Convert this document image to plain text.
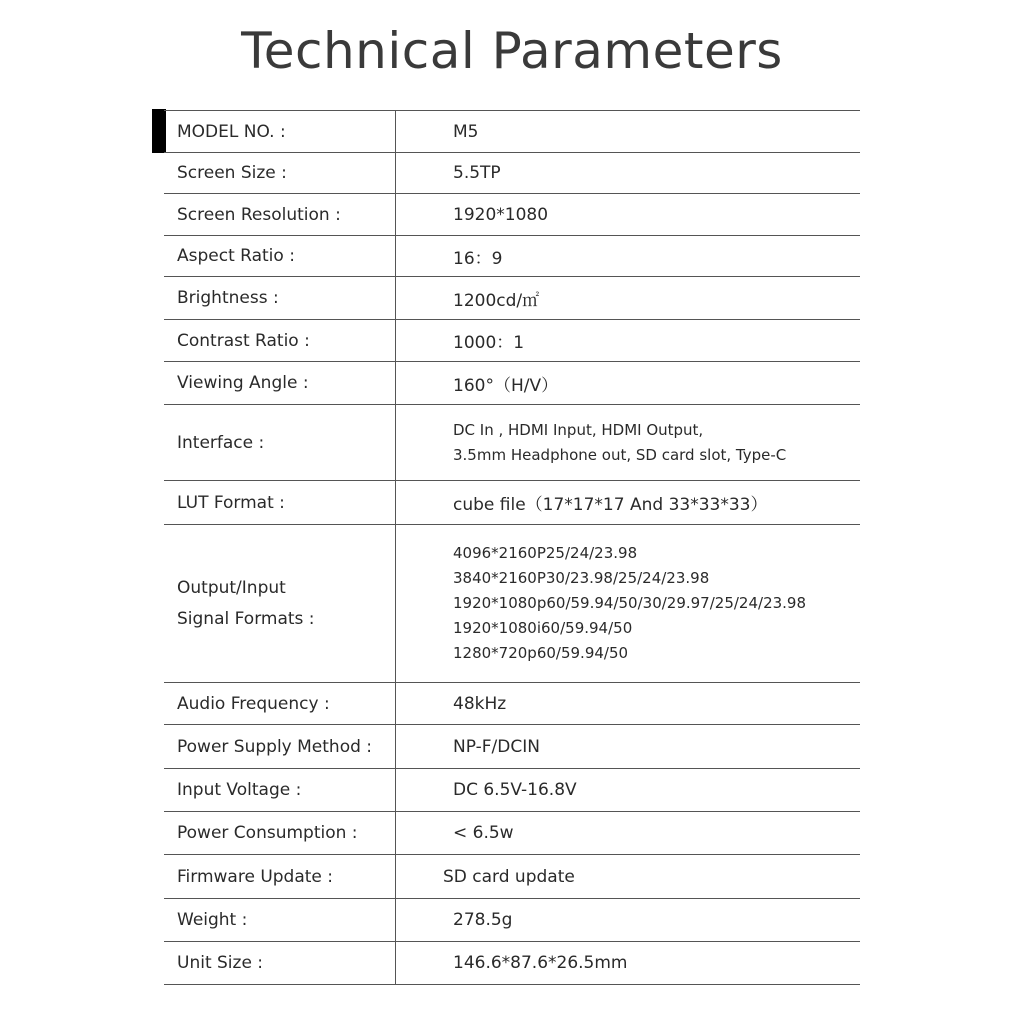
Technical Parameters
MODEL NO. :	M5
Screen Size :	5.5TP
Screen Resolution :	1920*1080
Aspect Ratio :	16：9
Brightness :	1200cd/㎡
Contrast Ratio :	1000：1
Viewing Angle :	160°（H/V）
Interface :
DC In , HDMI Input, HDMI Output,
3.5mm Headphone out, SD card slot, Type-C
LUT Format :	cube file（17*17*17 And 33*33*33）
Output/Input
Signal Formats :
4096*2160P25/24/23.98
3840*2160P30/23.98/25/24/23.98
1920*1080p60/59.94/50/30/29.97/25/24/23.98
1920*1080i60/59.94/50
1280*720p60/59.94/50
Audio Frequency :	48kHz
Power Supply Method :	NP-F/DCIN
Input Voltage :	DC 6.5V-16.8V
Power Consumption :	< 6.5w
Firmware Update :	SD card update
Weight :	278.5g
Unit Size :	146.6*87.6*26.5mm
